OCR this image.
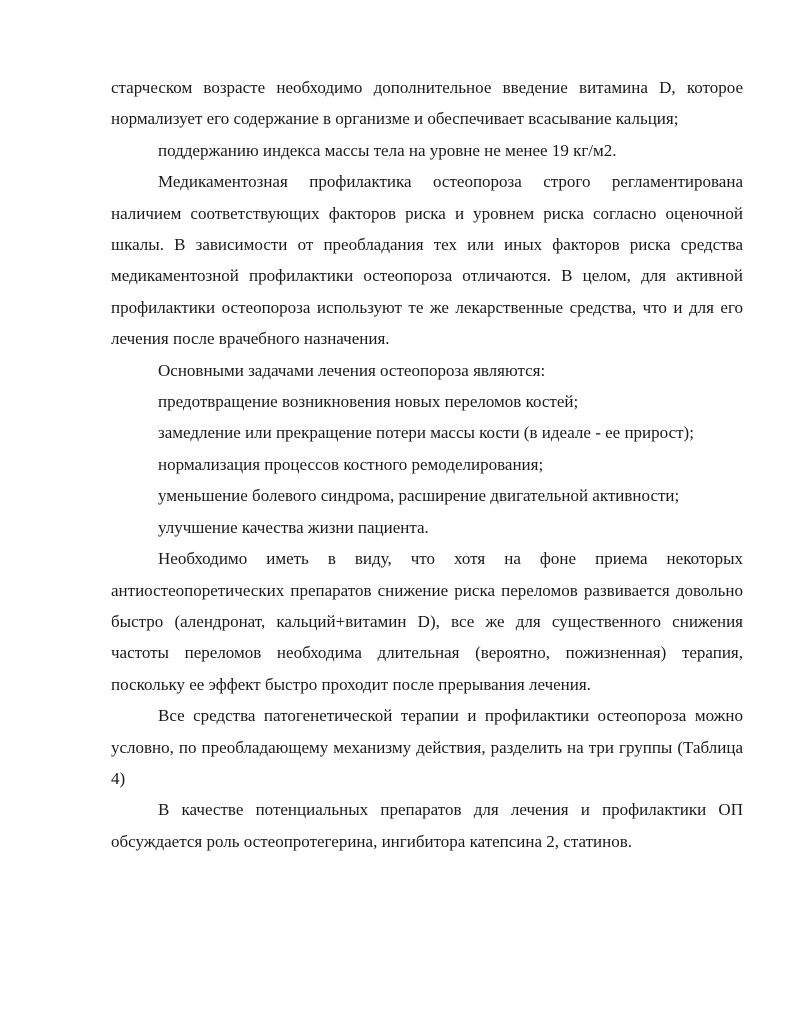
старческом возрасте необходимо дополнительное введение витамина D, которое нормализует его содержание в организме и обеспечивает всасывание кальция;

поддержанию индекса массы тела на уровне не менее 19 кг/м2.

Медикаментозная профилактика остеопороза строго регламентирована наличием соответствующих факторов риска и уровнем риска согласно оценочной шкалы. В зависимости от преобладания тех или иных факторов риска средства медикаментозной профилактики остеопороза отличаются. В целом, для активной профилактики остеопороза используют те же лекарственные средства, что и для его лечения после врачебного назначения.

Основными задачами лечения остеопороза являются:

предотвращение возникновения новых переломов костей;

замедление или прекращение потери массы кости (в идеале - ее прирост);

нормализация процессов костного ремоделирования;

уменьшение болевого синдрома, расширение двигательной активности;

улучшение качества жизни пациента.

Необходимо иметь в виду, что хотя на фоне приема некоторых антиостеопоретических препаратов снижение риска переломов развивается довольно быстро (алендронат, кальций+витамин D), все же для существенного снижения частоты переломов необходима длительная (вероятно, пожизненная) терапия, поскольку ее эффект быстро проходит после прерывания лечения.

Все средства патогенетической терапии и профилактики остеопороза можно условно, по преобладающему механизму действия, разделить на три группы (Таблица 4)

В качестве потенциальных препаратов для лечения и профилактики ОП обсуждается роль остеопротегерина, ингибитора катепсина 2, статинов.
